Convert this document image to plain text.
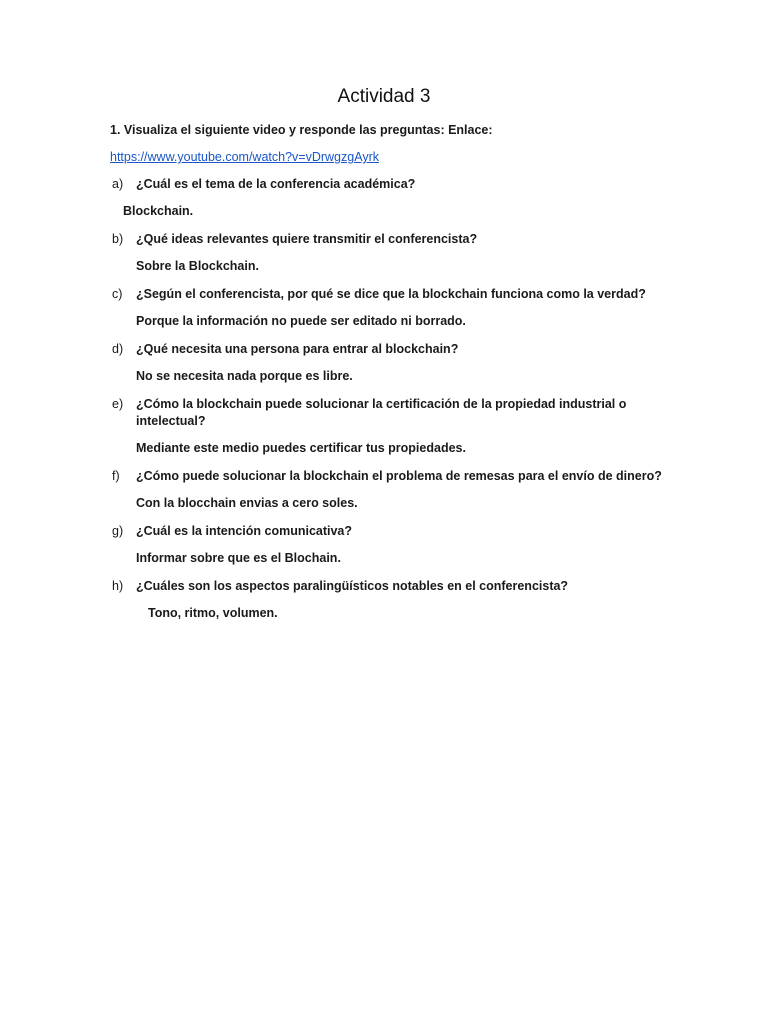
Actividad 3

1. Visualiza el siguiente video y responde las preguntas: Enlace:

https://www.youtube.com/watch?v=vDrwgzgAyrk
a) ¿Cuál es el tema de la conferencia académica?
Blockchain.
b) ¿Qué ideas relevantes quiere transmitir el conferencista?
Sobre la Blockchain.
c) ¿Según el conferencista, por qué se dice que la blockchain funciona como la verdad?
Porque la información no puede ser editado ni borrado.
d) ¿Qué necesita una persona para entrar al blockchain?
No se necesita nada porque es libre.
e) ¿Cómo la blockchain puede solucionar la certificación de la propiedad industrial o intelectual?
Mediante este medio puedes certificar tus propiedades.
f) ¿Cómo puede solucionar la blockchain el problema de remesas para el envío de dinero?
Con la blocchain envias a cero soles.
g) ¿Cuál es la intención comunicativa?
Informar sobre que es el Blochain.
h) ¿Cuáles son los aspectos paralingüísticos notables en el conferencista?
Tono, ritmo, volumen.
